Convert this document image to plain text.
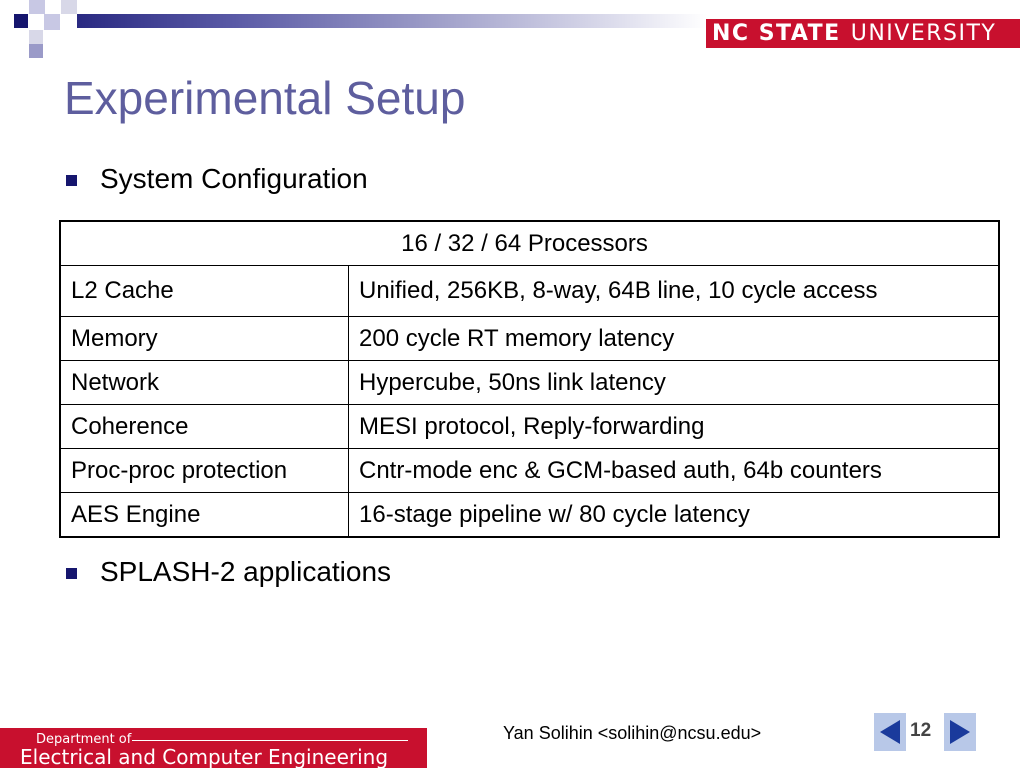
NC STATE UNIVERSITY
Experimental Setup
System Configuration
16 / 32 / 64 Processors	
L2 Cache	Unified, 256KB, 8-way, 64B line, 10 cycle access
Memory	200 cycle RT memory latency
Network	Hypercube, 50ns link latency
Coherence	MESI protocol, Reply-forwarding
Proc-proc protection	Cntr-mode enc & GCM-based auth, 64b counters
AES Engine	16-stage pipeline w/ 80 cycle latency
SPLASH-2 applications
Department of
Electrical and Computer Engineering
Yan Solihin <solihin@ncsu.edu>	12
